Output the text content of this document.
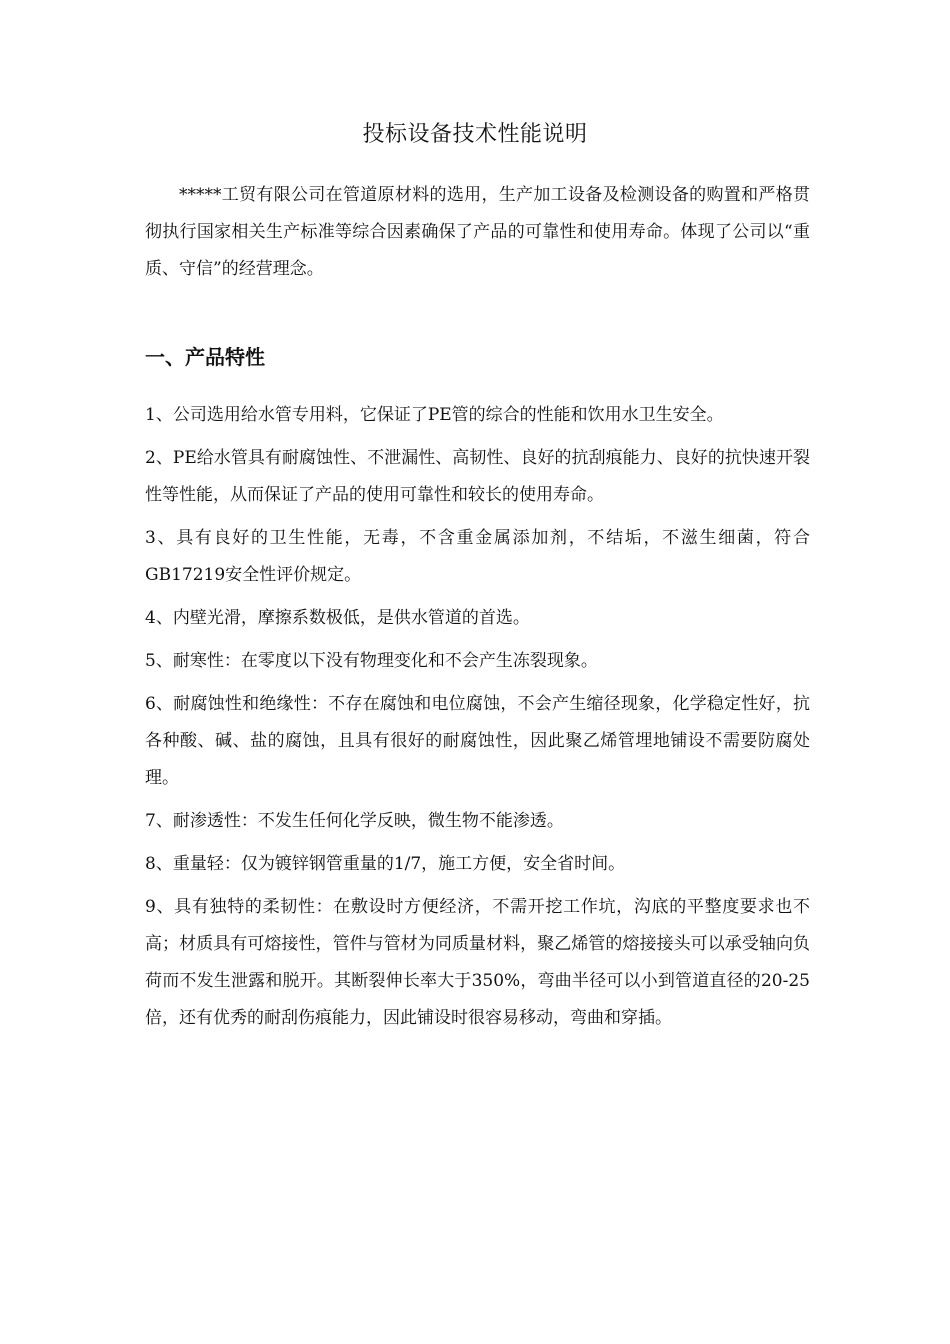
投标设备技术性能说明

*****工贸有限公司在管道原材料的选用，生产加工设备及检测设备的购置和严格贯彻执行国家相关生产标准等综合因素确保了产品的可靠性和使用寿命。体现了公司以“重质、守信”的经营理念。

一、产品特性
1、公司选用给水管专用料，它保证了PE管的综合的性能和饮用水卫生安全。
2、PE给水管具有耐腐蚀性、不泄漏性、高韧性、良好的抗刮痕能力、良好的抗快速开裂性等性能，从而保证了产品的使用可靠性和较长的使用寿命。
3、具有良好的卫生性能，无毒，不含重金属添加剂，不结垢，不滋生细菌，符合GB17219安全性评价规定。
4、内壁光滑，摩擦系数极低，是供水管道的首选。
5、耐寒性：在零度以下没有物理变化和不会产生冻裂现象。
6、耐腐蚀性和绝缘性：不存在腐蚀和电位腐蚀，不会产生缩径现象，化学稳定性好，抗各种酸、碱、盐的腐蚀，且具有很好的耐腐蚀性，因此聚乙烯管埋地铺设不需要防腐处理。
7、耐渗透性：不发生任何化学反映，微生物不能渗透。
8、重量轻：仅为镀锌钢管重量的1/7，施工方便，安全省时间。
9、具有独特的柔韧性：在敷设时方便经济，不需开挖工作坑，沟底的平整度要求也不高；材质具有可熔接性，管件与管材为同质量材料，聚乙烯管的熔接接头可以承受轴向负荷而不发生泄露和脱开。其断裂伸长率大于350%，弯曲半径可以小到管道直径的20-25倍，还有优秀的耐刮伤痕能力，因此铺设时很容易移动，弯曲和穿插。
